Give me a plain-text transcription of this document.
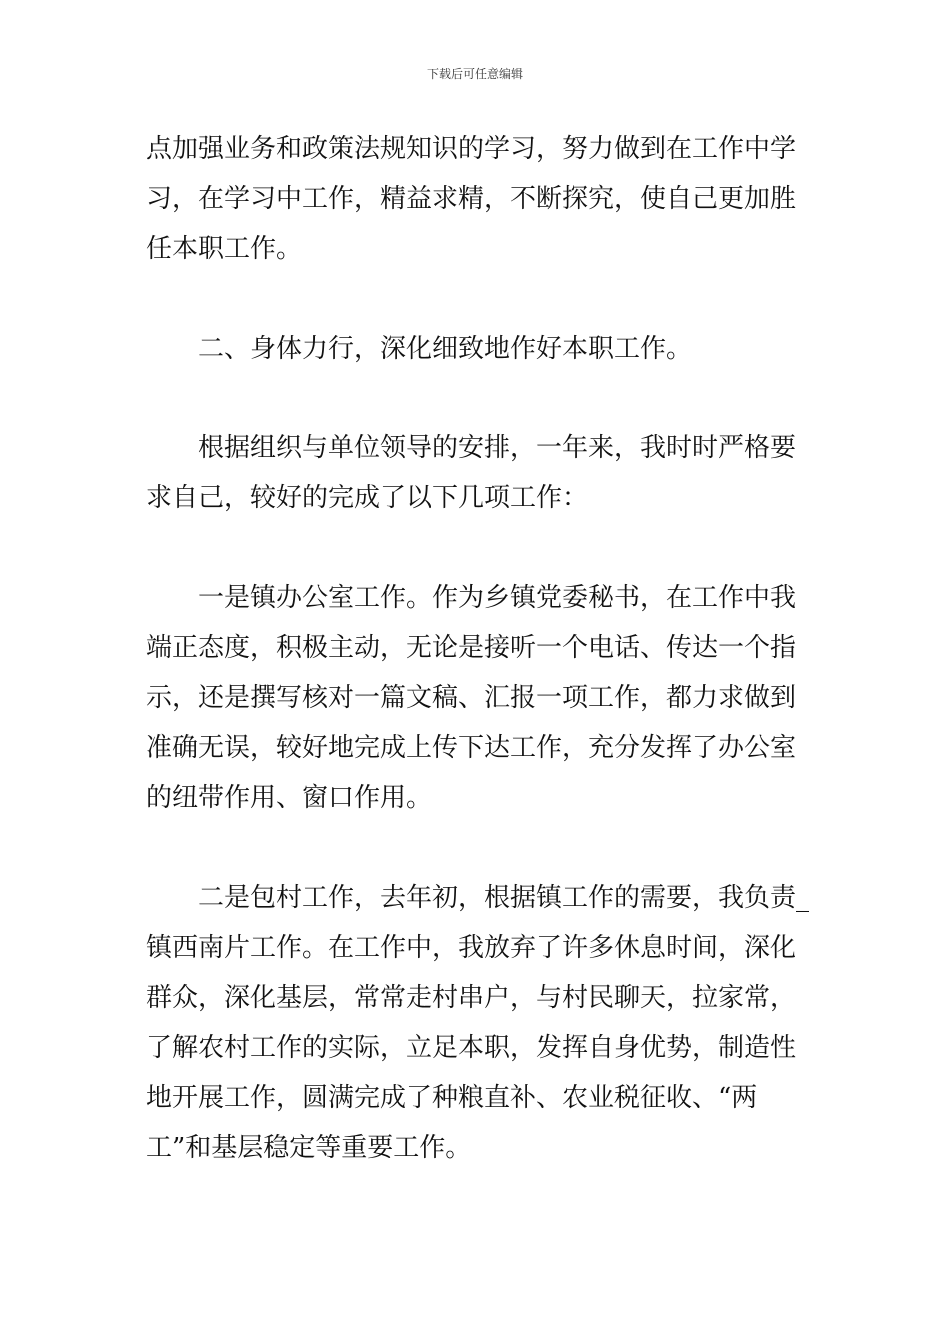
下载后可任意编辑
点加强业务和政策法规知识的学习，努力做到在工作中学
习，在学习中工作，精益求精，不断探究，使自己更加胜
任本职工作。
二、身体力行，深化细致地作好本职工作。
根据组织与单位领导的安排，一年来，我时时严格要
求自己，较好的完成了以下几项工作：
一是镇办公室工作。作为乡镇党委秘书，在工作中我
端正态度，积极主动，无论是接听一个电话、传达一个指
示，还是撰写核对一篇文稿、汇报一项工作，都力求做到
准确无误，较好地完成上传下达工作，充分发挥了办公室
的纽带作用、窗口作用。
二是包村工作，去年初，根据镇工作的需要，我负责_
镇西南片工作。在工作中，我放弃了许多休息时间，深化
群众，深化基层，常常走村串户，与村民聊天，拉家常，
了解农村工作的实际，立足本职，发挥自身优势，制造性
地开展工作，圆满完成了种粮直补、农业税征收、“两
工”和基层稳定等重要工作。
